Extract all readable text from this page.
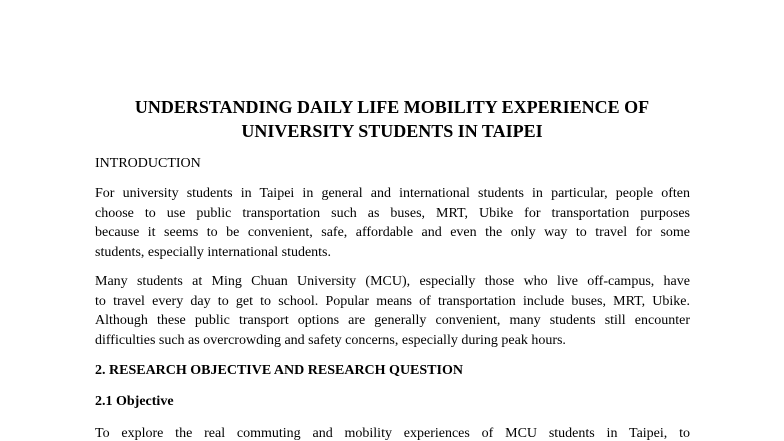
UNDERSTANDING DAILY LIFE MOBILITY EXPERIENCE OF
UNIVERSITY STUDENTS IN TAIPEI
INTRODUCTION

For university students in Taipei in general and international students in particular, people often
choose to use public transportation such as buses, MRT, Ubike for transportation purposes
because it seems to be convenient, safe, affordable and even the only way to travel for some
students, especially international students.

Many students at Ming Chuan University (MCU), especially those who live off-campus, have
to travel every day to get to school. Popular means of transportation include buses, MRT, Ubike.
Although these public transport options are generally convenient, many students still encounter
difficulties such as overcrowding and safety concerns, especially during peak hours.

2. RESEARCH OBJECTIVE AND RESEARCH QUESTION
2.1 Objective

To explore the real commuting and mobility experiences of MCU students in Taipei, to
